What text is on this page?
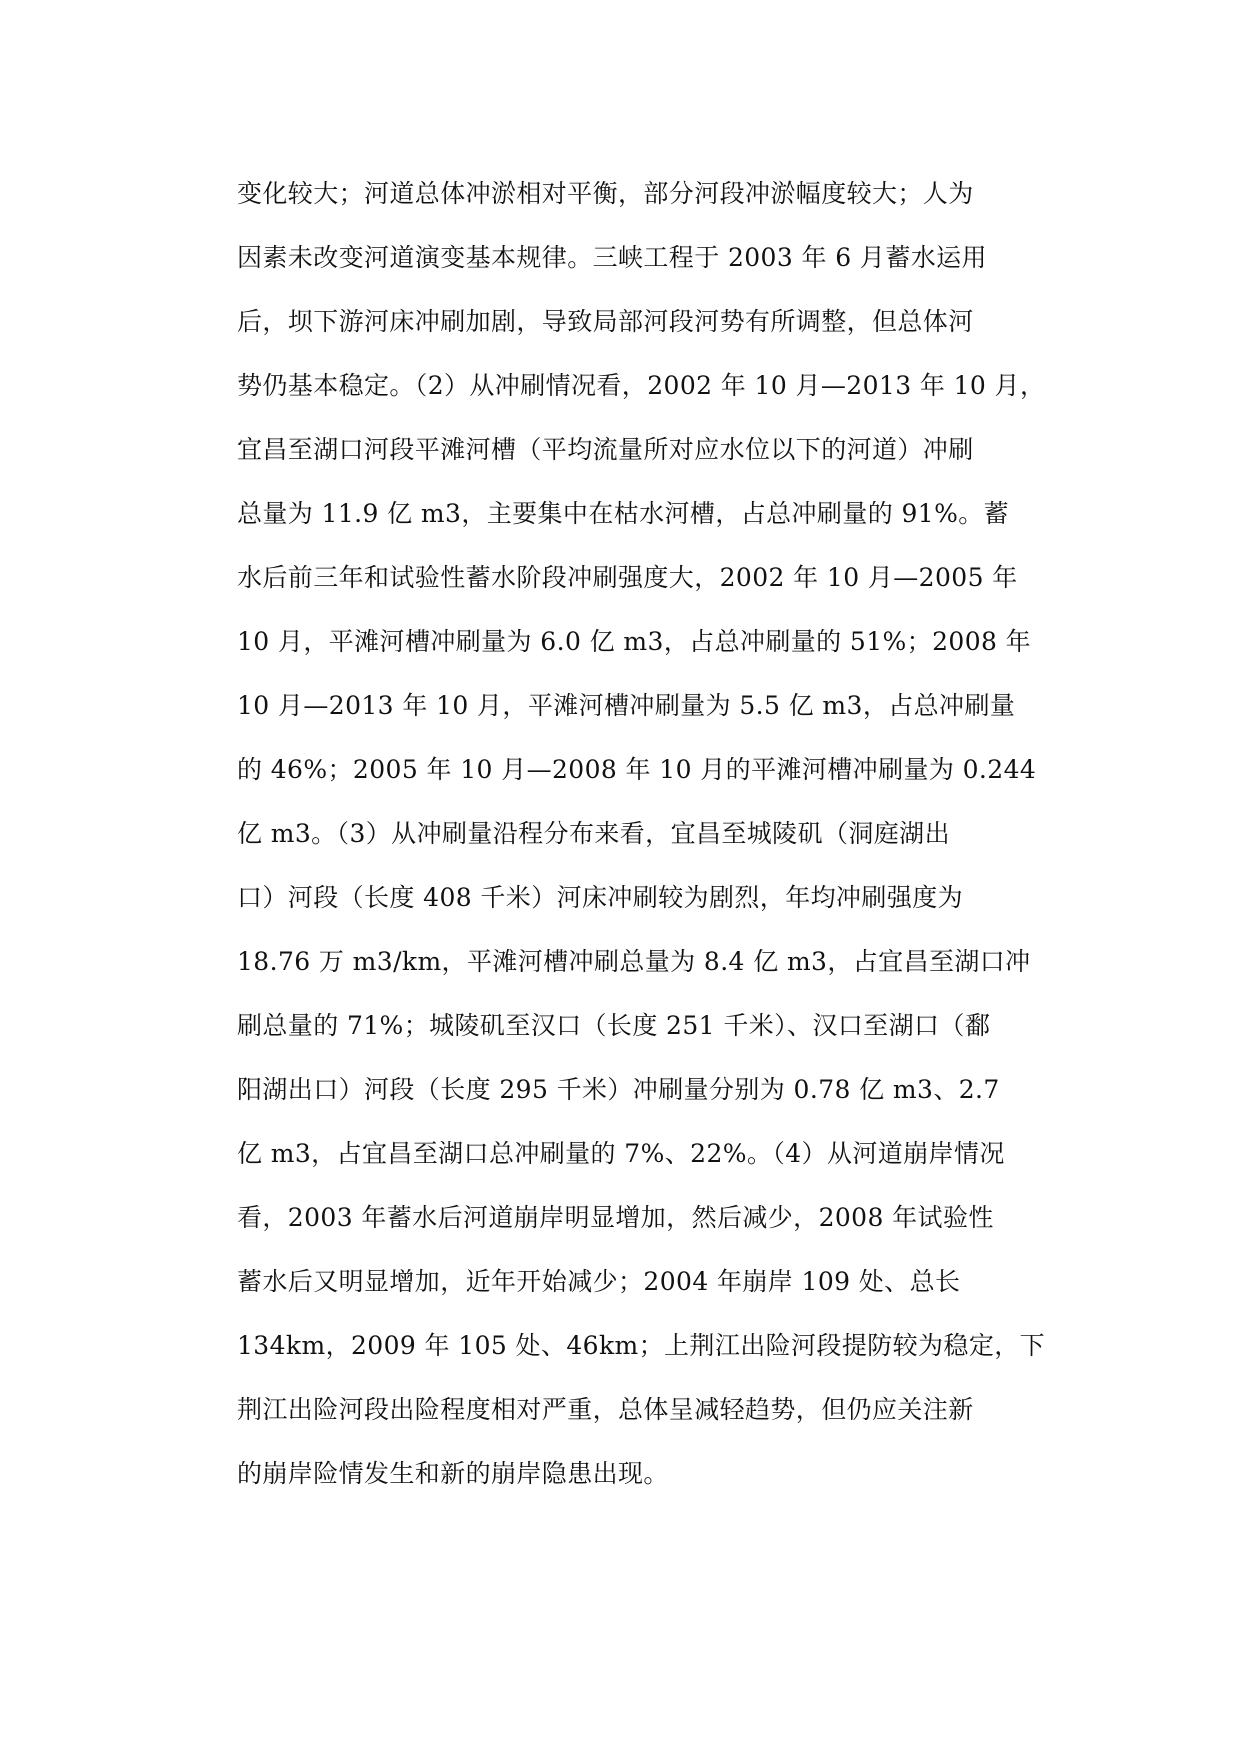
变化较大；河道总体冲淤相对平衡，部分河段冲淤幅度较大；人为
因素未改变河道演变基本规律。三峡工程于 2003 年 6 月蓄水运用
后，坝下游河床冲刷加剧，导致局部河段河势有所调整，但总体河
势仍基本稳定。（2）从冲刷情况看，2002 年 10 月—2013 年 10 月，
宜昌至湖口河段平滩河槽（平均流量所对应水位以下的河道）冲刷
总量为 11.9 亿 m3，主要集中在枯水河槽，占总冲刷量的 91%。蓄
水后前三年和试验性蓄水阶段冲刷强度大，2002 年 10 月—2005 年
10 月，平滩河槽冲刷量为 6.0 亿 m3，占总冲刷量的 51%；2008 年
10 月—2013 年 10 月，平滩河槽冲刷量为 5.5 亿 m3，占总冲刷量
的 46%；2005 年 10 月—2008 年 10 月的平滩河槽冲刷量为 0.244
亿 m3。（3）从冲刷量沿程分布来看，宜昌至城陵矶（洞庭湖出
口）河段（长度 408 千米）河床冲刷较为剧烈，年均冲刷强度为
18.76 万 m3/km，平滩河槽冲刷总量为 8.4 亿 m3，占宜昌至湖口冲
刷总量的 71%；城陵矶至汉口（长度 251 千米）、汉口至湖口（鄱
阳湖出口）河段（长度 295 千米）冲刷量分别为 0.78 亿 m3、2.7
亿 m3，占宜昌至湖口总冲刷量的 7%、22%。（4）从河道崩岸情况
看，2003 年蓄水后河道崩岸明显增加，然后减少，2008 年试验性
蓄水后又明显增加，近年开始减少；2004 年崩岸 109 处、总长
134km，2009 年 105 处、46km；上荆江出险河段提防较为稳定，下
荆江出险河段出险程度相对严重，总体呈减轻趋势，但仍应关注新
的崩岸险情发生和新的崩岸隐患出现。
